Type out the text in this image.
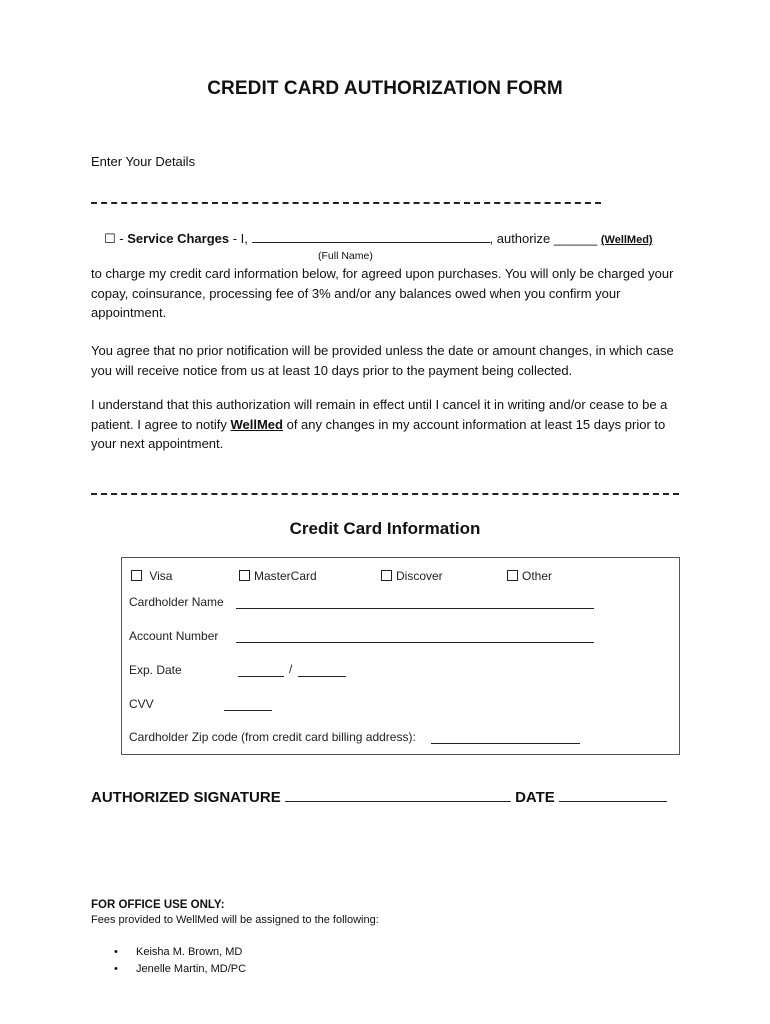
CREDIT CARD AUTHORIZATION FORM
Enter Your Details
☐ - Service Charges - I,	, authorize ______ (WellMed)
(Full Name)
to charge my credit card information below, for agreed upon purchases. You will only be charged your copay, coinsurance, processing fee of 3% and/or any balances owed when you confirm your appointment.
You agree that no prior notification will be provided unless the date or amount changes, in which case you will receive notice from us at least 10 days prior to the payment being collected.
I understand that this authorization will remain in effect until I cancel it in writing and/or cease to be a patient. I agree to notify WellMed of any changes in my account information at least 15 days prior to your next appointment.
Credit Card Information
Visa	MasterCard	Discover	Other
Cardholder Name
Account Number
Exp. Date	/
CVV
Cardholder Zip code (from credit card billing address):
AUTHORIZED SIGNATURE	DATE
FOR OFFICE USE ONLY:
Fees provided to WellMed will be assigned to the following:
• Keisha M. Brown, MD
• Jenelle Martin, MD/PC
